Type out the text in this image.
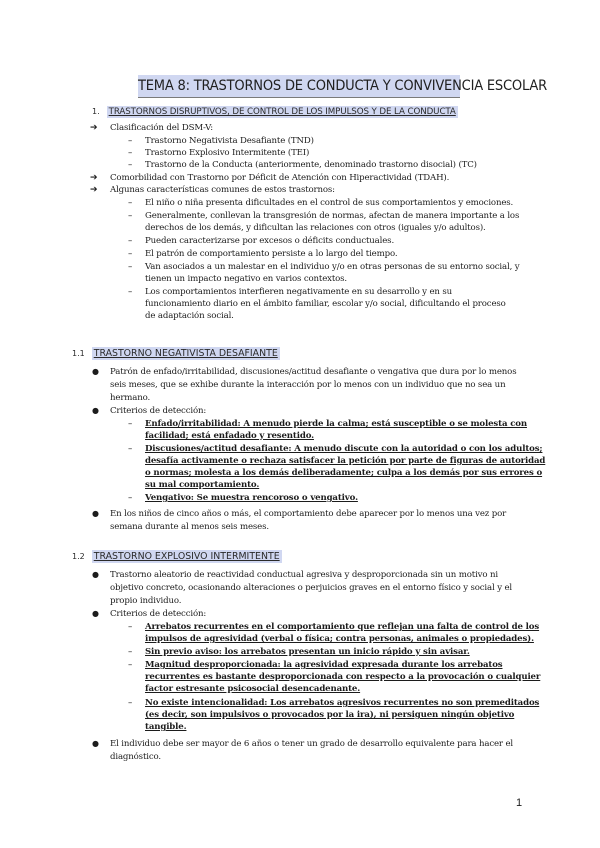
TEMA 8: TRASTORNOS DE CONDUCTA Y CONVIVENCIA ESCOLAR
1. TRASTORNOS DISRUPTIVOS, DE CONTROL DE LOS IMPULSOS Y DE LA CONDUCTA
➔ Clasificación del DSM-V:
– Trastorno Negativista Desafiante (TND)
– Trastorno Explosivo Intermitente (TEI)
– Trastorno de la Conducta (anteriormente, denominado trastorno disocial) (TC)
➔ Comorbilidad con Trastorno por Déficit de Atención con Hiperactividad (TDAH).
➔ Algunas características comunes de estos trastornos:
– El niño o niña presenta dificultades en el control de sus comportamientos y emociones.
– Generalmente, conllevan la transgresión de normas, afectan de manera importante a los
derechos de los demás, y dificultan las relaciones con otros (iguales y/o adultos).
– Pueden caracterizarse por excesos o déficits conductuales.
– El patrón de comportamiento persiste a lo largo del tiempo.
– Van asociados a un malestar en el individuo y/o en otras personas de su entorno social, y
tienen un impacto negativo en varios contextos.
– Los comportamientos interfieren negativamente en su desarrollo y en su
funcionamiento diario en el ámbito familiar, escolar y/o social, dificultando el proceso
de adaptación social.
1.1 TRASTORNO NEGATIVISTA DESAFIANTE
● Patrón de enfado/irritabilidad, discusiones/actitud desafiante o vengativa que dura por lo menos
seis meses, que se exhibe durante la interacción por lo menos con un individuo que no sea un
hermano.
● Criterios de detección:
– Enfado/irritabilidad: A menudo pierde la calma; está susceptible o se molesta con
facilidad; está enfadado y resentido.
– Discusiones/actitud desafiante: A menudo discute con la autoridad o con los adultos;
desafía activamente o rechaza satisfacer la petición por parte de figuras de autoridad
o normas; molesta a los demás deliberadamente; culpa a los demás por sus errores o
su mal comportamiento.
– Vengativo: Se muestra rencoroso o vengativo.
● En los niños de cinco años o más, el comportamiento debe aparecer por lo menos una vez por
semana durante al menos seis meses.
1.2 TRASTORNO EXPLOSIVO INTERMITENTE
● Trastorno aleatorio de reactividad conductual agresiva y desproporcionada sin un motivo ni
objetivo concreto, ocasionando alteraciones o perjuicios graves en el entorno físico y social y el
propio individuo.
● Criterios de detección:
– Arrebatos recurrentes en el comportamiento que reflejan una falta de control de los
impulsos de agresividad (verbal o física; contra personas, animales o propiedades).
– Sin previo aviso: los arrebatos presentan un inicio rápido y sin avisar.
– Magnitud desproporcionada: la agresividad expresada durante los arrebatos
recurrentes es bastante desproporcionada con respecto a la provocación o cualquier
factor estresante psicosocial desencadenante.
– No existe intencionalidad: Los arrebatos agresivos recurrentes no son premeditados
(es decir, son impulsivos o provocados por la ira), ni persiguen ningún objetivo
tangible.
● El individuo debe ser mayor de 6 años o tener un grado de desarrollo equivalente para hacer el
diagnóstico.
1
